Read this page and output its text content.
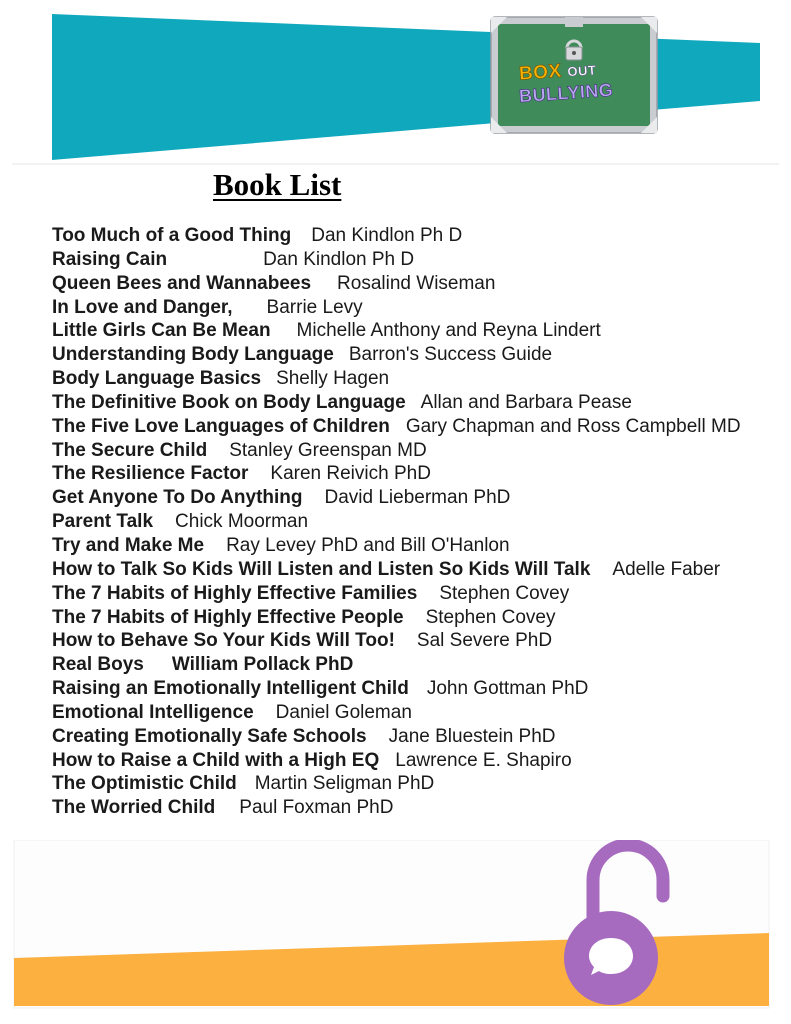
BOX OUT
BULLYING
Book List
Too Much of a Good Thing Dan Kindlon Ph D
Raising Cain	Dan Kindlon Ph D
Queen Bees and Wannabees Rosalind Wiseman
In Love and Danger, Barrie Levy
Little Girls Can Be Mean Michelle Anthony and Reyna Lindert
Understanding Body Language Barron's Success Guide
Body Language Basics Shelly Hagen
The Definitive Book on Body Language Allan and Barbara Pease
The Five Love Languages of Children Gary Chapman and Ross Campbell MD
The Secure Child Stanley Greenspan MD
The Resilience Factor Karen Reivich PhD
Get Anyone To Do Anything David Lieberman PhD
Parent Talk Chick Moorman
Try and Make Me Ray Levey PhD and Bill O'Hanlon
How to Talk So Kids Will Listen and Listen So Kids Will Talk Adelle Faber
The 7 Habits of Highly Effective Families Stephen Covey
The 7 Habits of Highly Effective People Stephen Covey
How to Behave So Your Kids Will Too! Sal Severe PhD
Real Boys William Pollack PhD
Raising an Emotionally Intelligent Child John Gottman PhD
Emotional Intelligence Daniel Goleman
Creating Emotionally Safe Schools Jane Bluestein PhD
How to Raise a Child with a High EQ Lawrence E. Shapiro
The Optimistic Child Martin Seligman PhD
The Worried Child Paul Foxman PhD
